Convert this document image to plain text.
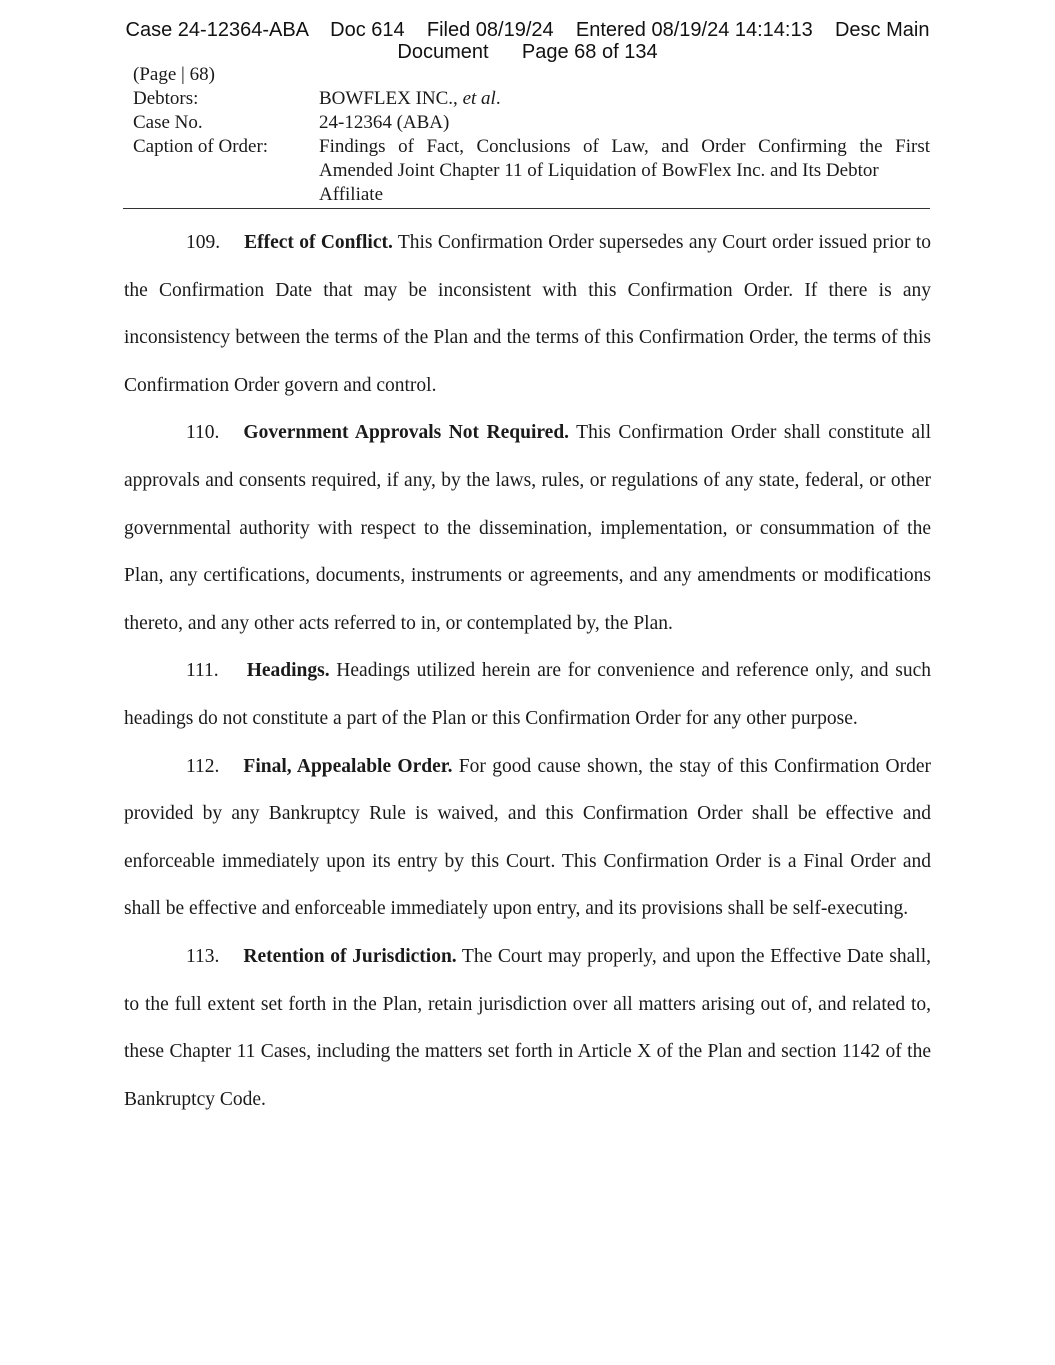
Case 24-12364-ABA Doc 614 Filed 08/19/24 Entered 08/19/24 14:14:13 Desc Main
Document Page 68 of 134
(Page | 68)
Debtors:	BOWFLEX INC., et al.
Case No.	24-12364 (ABA)
Caption of Order:	Findings of Fact, Conclusions of Law, and Order Confirming the First
Amended Joint Chapter 11 of Liquidation of BowFlex Inc. and Its Debtor
Affiliate

109. Effect of Conflict. This Confirmation Order supersedes any Court order issued prior to the Confirmation Date that may be inconsistent with this Confirmation Order. If there is any inconsistency between the terms of the Plan and the terms of this Confirmation Order, the terms of this Confirmation Order govern and control.

110. Government Approvals Not Required. This Confirmation Order shall constitute all approvals and consents required, if any, by the laws, rules, or regulations of any state, federal, or other governmental authority with respect to the dissemination, implementation, or consummation of the Plan, any certifications, documents, instruments or agreements, and any amendments or modifications thereto, and any other acts referred to in, or contemplated by, the Plan.

111. Headings. Headings utilized herein are for convenience and reference only, and such headings do not constitute a part of the Plan or this Confirmation Order for any other purpose.

112. Final, Appealable Order. For good cause shown, the stay of this Confirmation Order provided by any Bankruptcy Rule is waived, and this Confirmation Order shall be effective and enforceable immediately upon its entry by this Court. This Confirmation Order is a Final Order and shall be effective and enforceable immediately upon entry, and its provisions shall be self-executing.

113. Retention of Jurisdiction. The Court may properly, and upon the Effective Date shall, to the full extent set forth in the Plan, retain jurisdiction over all matters arising out of, and related to, these Chapter 11 Cases, including the matters set forth in Article X of the Plan and section 1142 of the Bankruptcy Code.
